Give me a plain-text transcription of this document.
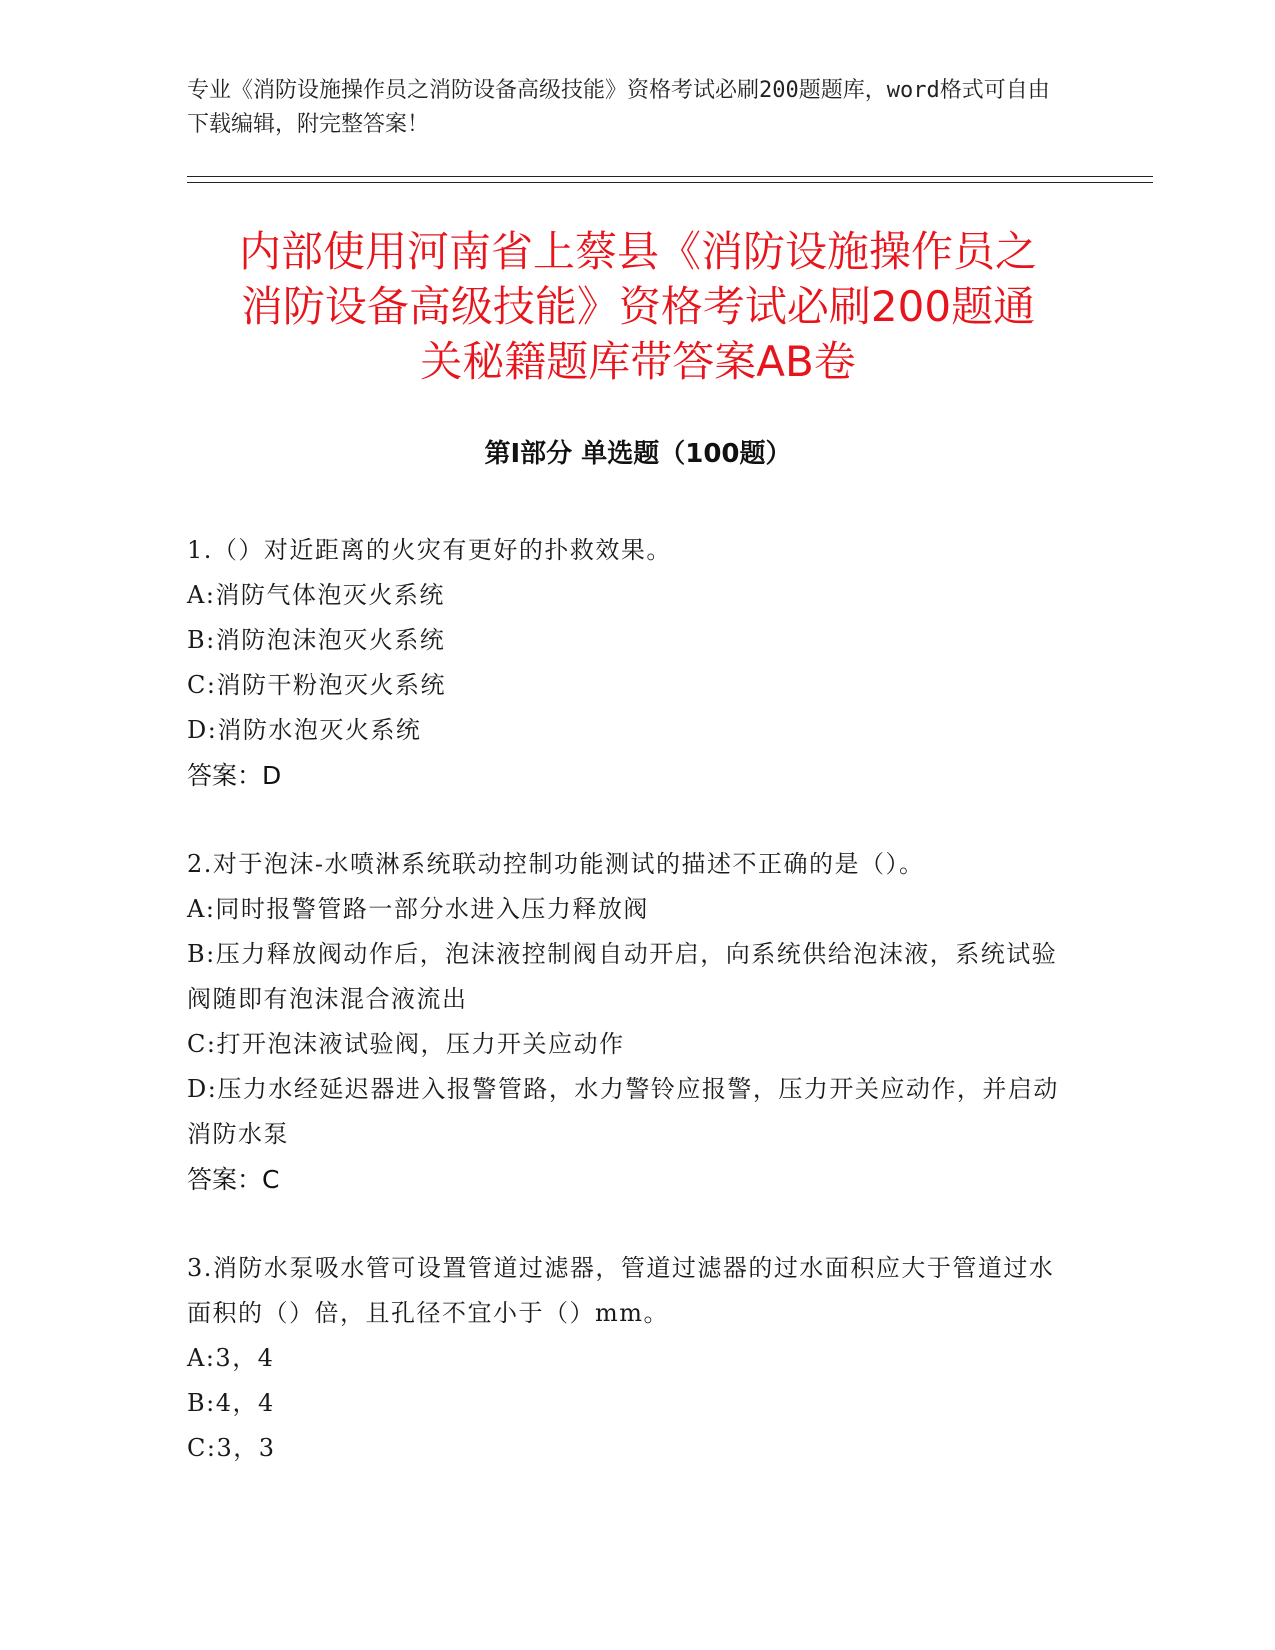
专业《消防设施操作员之消防设备高级技能》资格考试必刷200题题库，word格式可自由下载编辑，附完整答案！
内部使用河南省上蔡县《消防设施操作员之
消防设备高级技能》资格考试必刷200题通
关秘籍题库带答案AB卷
第Ⅰ部分 单选题（100题）

1.（）对近距离的火灾有更好的扑救效果。

A:消防气体泡灭火系统

B:消防泡沫泡灭火系统

C:消防干粉泡灭火系统

D:消防水泡灭火系统

答案：D

2.对于泡沫-水喷淋系统联动控制功能测试的描述不正确的是（）。

A:同时报警管路一部分水进入压力释放阀

B:压力释放阀动作后，泡沫液控制阀自动开启，向系统供给泡沫液，系统试验阀随即有泡沫混合液流出

C:打开泡沫液试验阀，压力开关应动作

D:压力水经延迟器进入报警管路，水力警铃应报警，压力开关应动作，并启动消防水泵

答案：C

3.消防水泵吸水管可设置管道过滤器，管道过滤器的过水面积应大于管道过水面积的（）倍，且孔径不宜小于（）mm。

A:3，4

B:4，4

C:3，3
